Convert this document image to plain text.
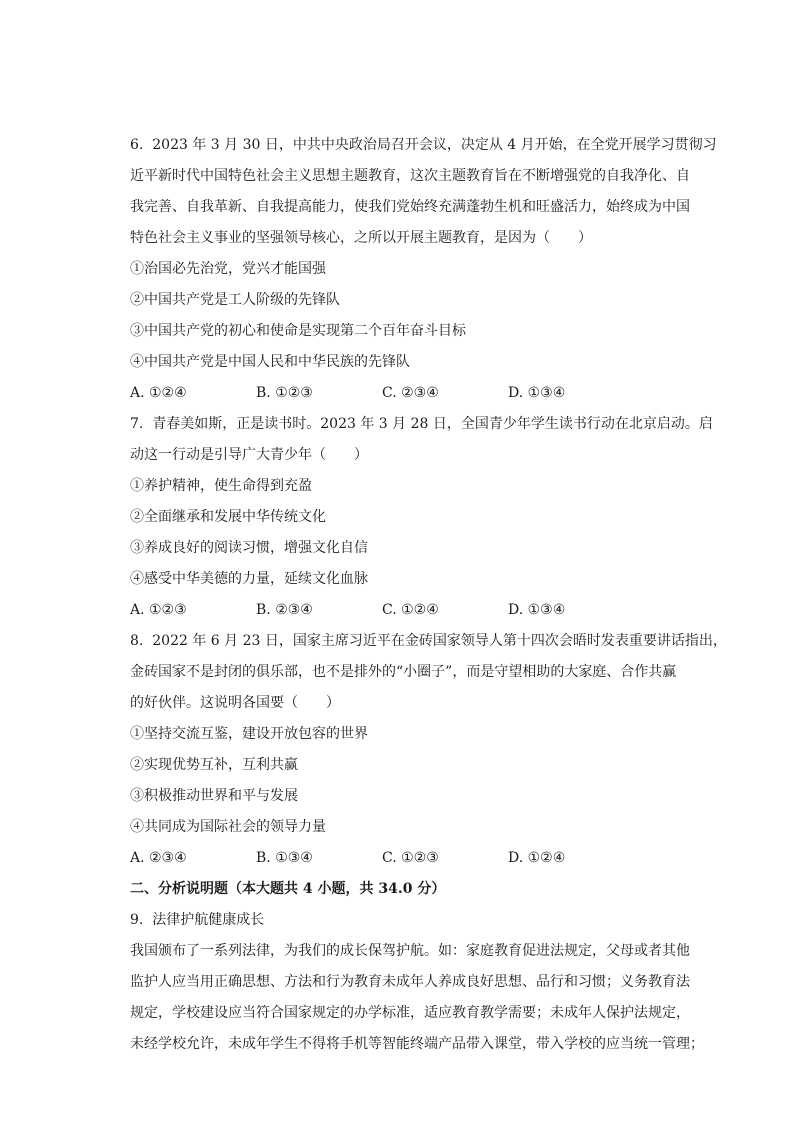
6.  2023 年 3 月 30 日，中共中央政治局召开会议，决定从 4 月开始，在全党开展学习贯彻习
近平新时代中国特色社会主义思想主题教育，这次主题教育旨在不断增强党的自我净化、自
我完善、自我革新、自我提高能力，使我们党始终充满蓬勃生机和旺盛活力，始终成为中国
特色社会主义事业的坚强领导核心，之所以开展主题教育，是因为（　　）
①治国必先治党，党兴才能国强
②中国共产党是工人阶级的先锋队
③中国共产党的初心和使命是实现第二个百年奋斗目标
④中国共产党是中国人民和中华民族的先锋队
A. ①②④	B. ①②③	C. ②③④	D. ①③④
7.  青春美如斯，正是读书时。2023 年 3 月 28 日，全国青少年学生读书行动在北京启动。启
动这一行动是引导广大青少年（　　）
①养护精神，使生命得到充盈
②全面继承和发展中华传统文化
③养成良好的阅读习惯，增强文化自信
④感受中华美德的力量，延续文化血脉
A. ①②③	B. ②③④	C. ①②④	D. ①③④
8.  2022 年 6 月 23 日，国家主席习近平在金砖国家领导人第十四次会晤时发表重要讲话指出，
金砖国家不是封闭的俱乐部，也不是排外的“小圈子”，而是守望相助的大家庭、合作共赢
的好伙伴。这说明各国要（　　）
①坚持交流互鉴，建设开放包容的世界
②实现优势互补，互利共赢
③积极推动世界和平与发展
④共同成为国际社会的领导力量
A. ②③④	B. ①③④	C. ①②③	D. ①②④
二、分析说明题（本大题共 4 小题，共 34.0 分）
9.  法律护航健康成长
我国颁布了一系列法律，为我们的成长保驾护航。如：家庭教育促进法规定，父母或者其他
监护人应当用正确思想、方法和行为教育未成年人养成良好思想、品行和习惯；义务教育法
规定，学校建设应当符合国家规定的办学标准，适应教育教学需要；未成年人保护法规定，
未经学校允许，未成年学生不得将手机等智能终端产品带入课堂，带入学校的应当统一管理；
